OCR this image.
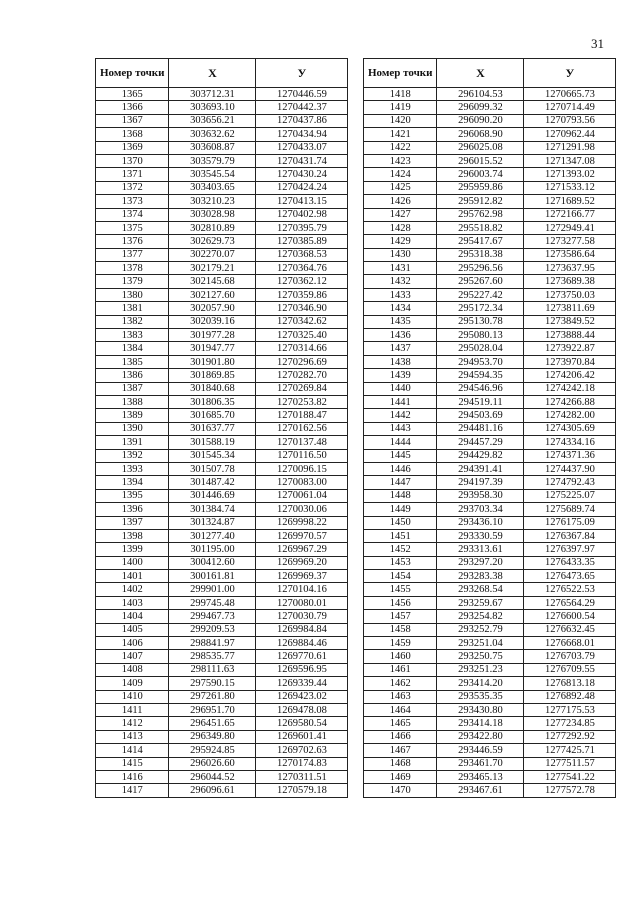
31
Номер точки	X	У
1365	303712.31	1270446.59
1366	303693.10	1270442.37
1367	303656.21	1270437.86
1368	303632.62	1270434.94
1369	303608.87	1270433.07
1370	303579.79	1270431.74
1371	303545.54	1270430.24
1372	303403.65	1270424.24
1373	303210.23	1270413.15
1374	303028.98	1270402.98
1375	302810.89	1270395.79
1376	302629.73	1270385.89
1377	302270.07	1270368.53
1378	302179.21	1270364.76
1379	302145.68	1270362.12
1380	302127.60	1270359.86
1381	302057.90	1270346.90
1382	302039.16	1270342.62
1383	301977.28	1270325.40
1384	301947.77	1270314.66
1385	301901.80	1270296.69
1386	301869.85	1270282.70
1387	301840.68	1270269.84
1388	301806.35	1270253.82
1389	301685.70	1270188.47
1390	301637.77	1270162.56
1391	301588.19	1270137.48
1392	301545.34	1270116.50
1393	301507.78	1270096.15
1394	301487.42	1270083.00
1395	301446.69	1270061.04
1396	301384.74	1270030.06
1397	301324.87	1269998.22
1398	301277.40	1269970.57
1399	301195.00	1269967.29
1400	300412.60	1269969.20
1401	300161.81	1269969.37
1402	299901.00	1270104.16
1403	299745.48	1270080.01
1404	299467.73	1270030.79
1405	299209.53	1269984.84
1406	298841.97	1269884.46
1407	298535.77	1269770.61
1408	298111.63	1269596.95
1409	297590.15	1269339.44
1410	297261.80	1269423.02
1411	296951.70	1269478.08
1412	296451.65	1269580.54
1413	296349.80	1269601.41
1414	295924.85	1269702.63
1415	296026.60	1270174.83
1416	296044.52	1270311.51
1417	296096.61	1270579.18
Номер точки	X	У
1418	296104.53	1270665.73
1419	296099.32	1270714.49
1420	296090.20	1270793.56
1421	296068.90	1270962.44
1422	296025.08	1271291.98
1423	296015.52	1271347.08
1424	296003.74	1271393.02
1425	295959.86	1271533.12
1426	295912.82	1271689.52
1427	295762.98	1272166.77
1428	295518.82	1272949.41
1429	295417.67	1273277.58
1430	295318.38	1273586.64
1431	295296.56	1273637.95
1432	295267.60	1273689.38
1433	295227.42	1273750.03
1434	295172.34	1273811.69
1435	295130.78	1273849.52
1436	295080.13	1273888.44
1437	295028.04	1273922.87
1438	294953.70	1273970.84
1439	294594.35	1274206.42
1440	294546.96	1274242.18
1441	294519.11	1274266.88
1442	294503.69	1274282.00
1443	294481.16	1274305.69
1444	294457.29	1274334.16
1445	294429.82	1274371.36
1446	294391.41	1274437.90
1447	294197.39	1274792.43
1448	293958.30	1275225.07
1449	293703.34	1275689.74
1450	293436.10	1276175.09
1451	293330.59	1276367.84
1452	293313.61	1276397.97
1453	293297.20	1276433.35
1454	293283.38	1276473.65
1455	293268.54	1276522.53
1456	293259.67	1276564.29
1457	293254.82	1276600.54
1458	293252.79	1276632.45
1459	293251.04	1276668.01
1460	293250.75	1276703.79
1461	293251.23	1276709.55
1462	293414.20	1276813.18
1463	293535.35	1276892.48
1464	293430.80	1277175.53
1465	293414.18	1277234.85
1466	293422.80	1277292.92
1467	293446.59	1277425.71
1468	293461.70	1277511.57
1469	293465.13	1277541.22
1470	293467.61	1277572.78
